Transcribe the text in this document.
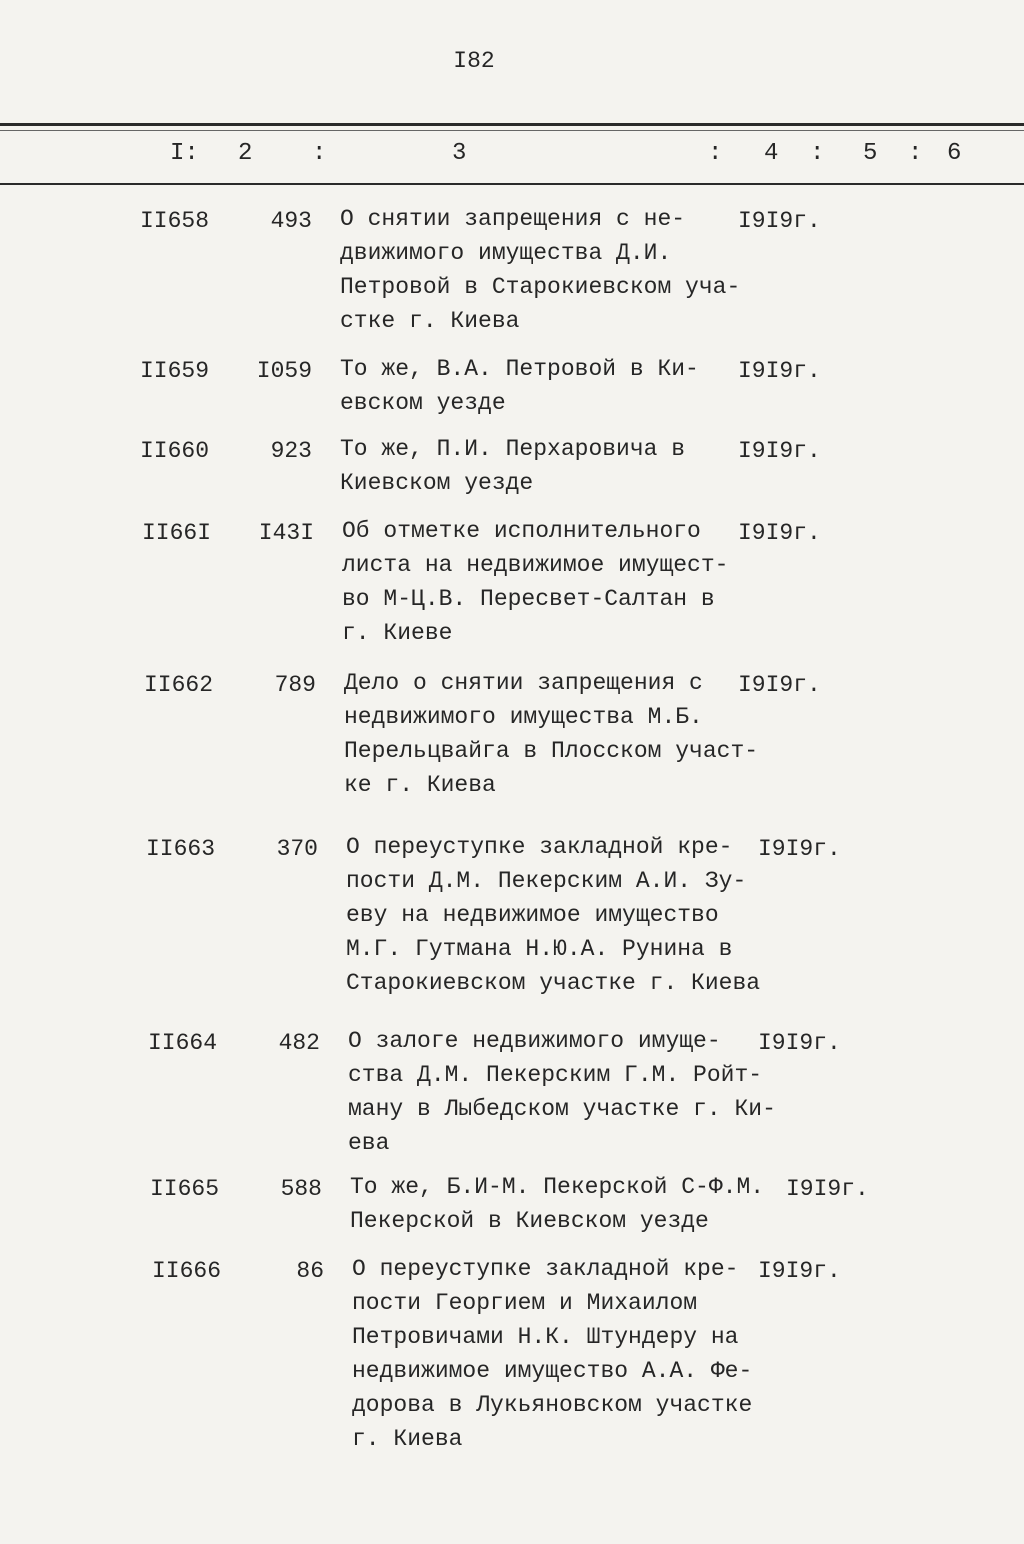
I82
I: 2 :	3	: 4 : 5 : 6
II658	493 О снятии запрещения с не-
движимого имущества Д.И.
Петровой в Старокиевском уча-
стке г. Киева
I9I9г.
II659	I059 То же, В.А. Петровой в Ки-
евском уезде
I9I9г.
II660	923 То же, П.И. Перхаровича в
Киевском уезде
I9I9г.
II66I	I43I Об отметке исполнительного
листа на недвижимое имущест-
во М-Ц.В. Пересвет-Салтан в
г. Киеве
I9I9г.
II662	789 Дело о снятии запрещения с
недвижимого имущества М.Б.
Перельцвайга в Плосском участ-
ке г. Киева
I9I9г.
II663	370 О переуступке закладной кре-
пости Д.М. Пекерским А.И. Зу-
еву на недвижимое имущество
М.Г. Гутмана Н.Ю.А. Рунина в
Старокиевском участке г. Киева
I9I9г.
II664	482 О залоге недвижимого имуще-
ства Д.М. Пекерским Г.М. Ройт-
ману в Лыбедском участке г. Ки-
ева
I9I9г.
II665	588 То же, Б.И-М. Пекерской С-Ф.М.
Пекерской в Киевском уезде
I9I9г.
II666	86 О переуступке закладной кре-
пости Георгием и Михаилом
Петровичами Н.К. Штундеру на
недвижимое имущество А.А. Фе-
дорова в Лукьяновском участке
г. Киева
I9I9г.
